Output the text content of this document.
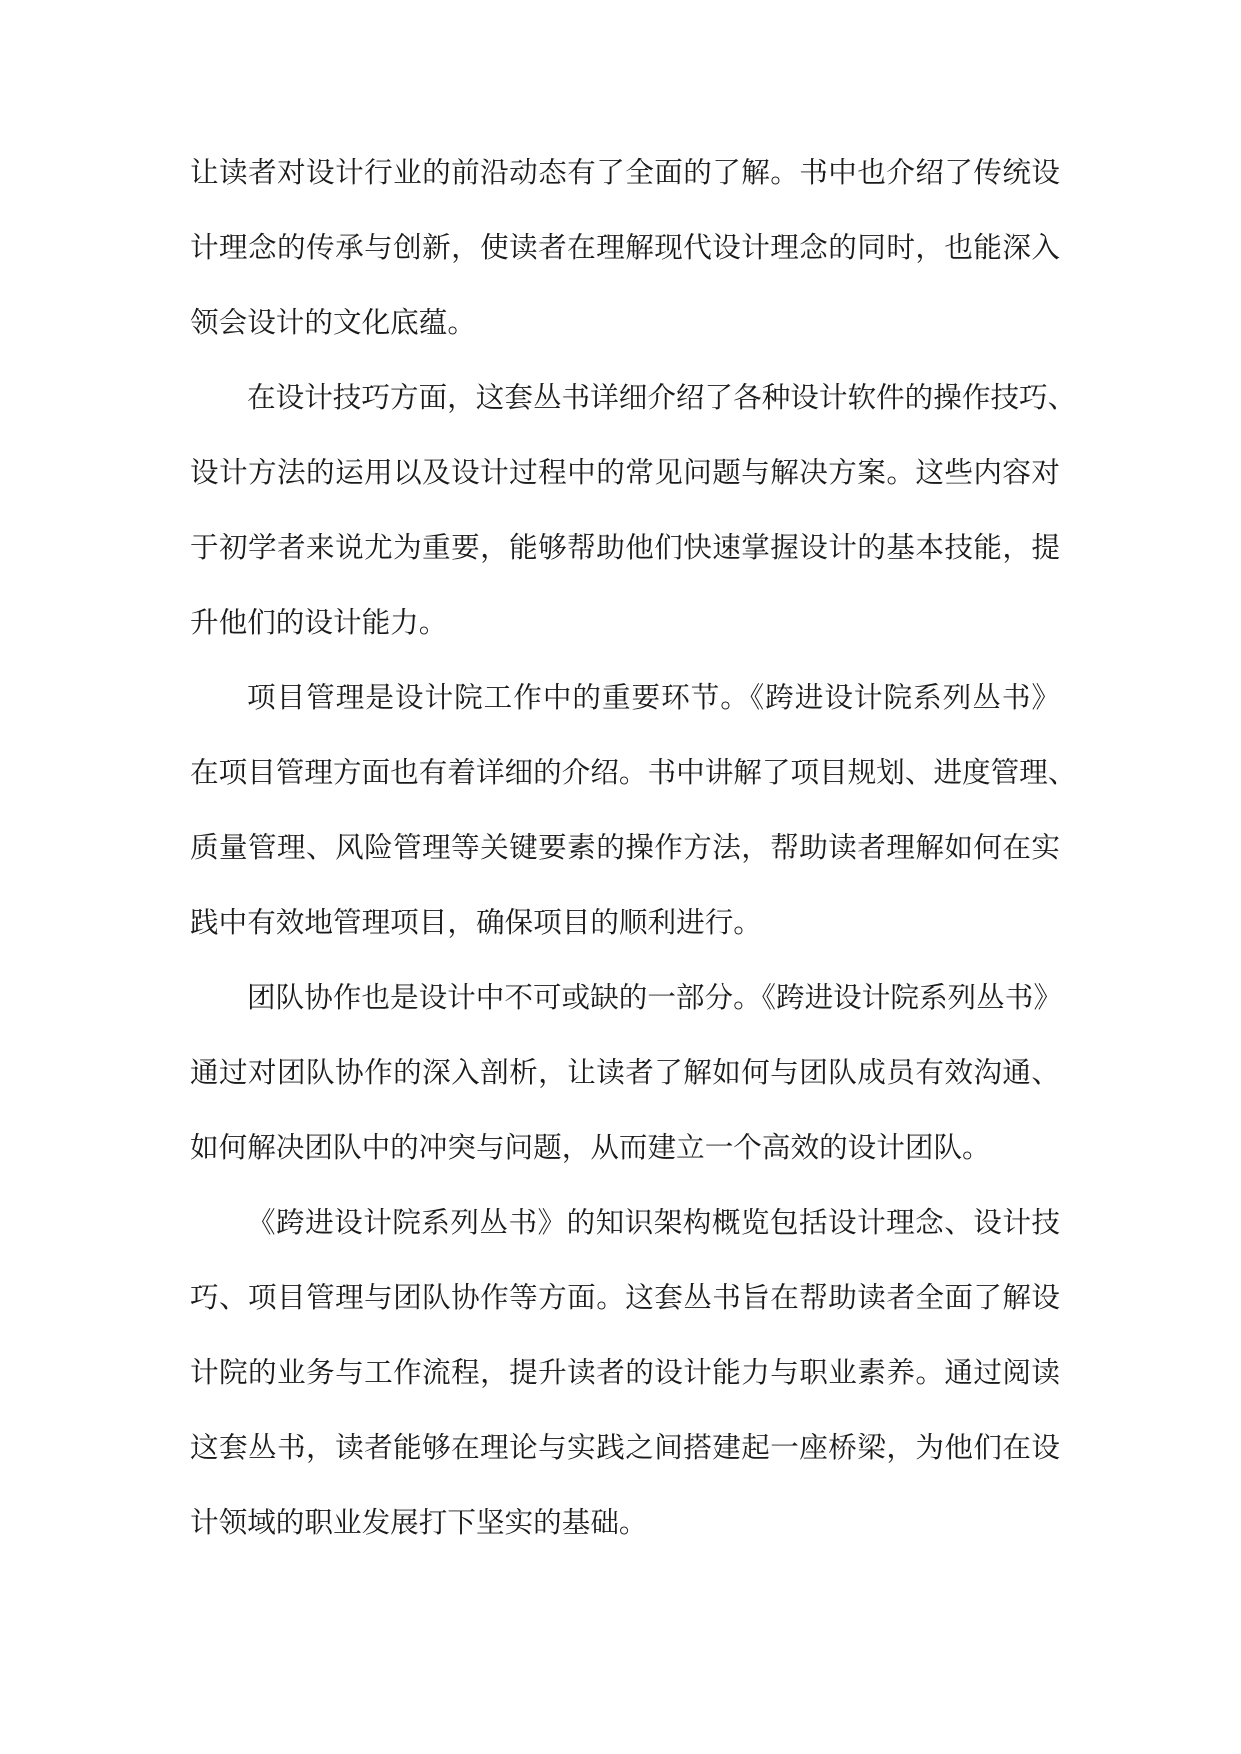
让读者对设计行业的前沿动态有了全面的了解。书中也介绍了传统设
计理念的传承与创新，使读者在理解现代设计理念的同时，也能深入
领会设计的文化底蕴。
在设计技巧方面，这套丛书详细介绍了各种设计软件的操作技巧、
设计方法的运用以及设计过程中的常见问题与解决方案。这些内容对
于初学者来说尤为重要，能够帮助他们快速掌握设计的基本技能，提
升他们的设计能力。
项目管理是设计院工作中的重要环节。《跨进设计院系列丛书》
在项目管理方面也有着详细的介绍。书中讲解了项目规划、进度管理、
质量管理、风险管理等关键要素的操作方法，帮助读者理解如何在实
践中有效地管理项目，确保项目的顺利进行。
团队协作也是设计中不可或缺的一部分。《跨进设计院系列丛书》
通过对团队协作的深入剖析，让读者了解如何与团队成员有效沟通、
如何解决团队中的冲突与问题，从而建立一个高效的设计团队。
《跨进设计院系列丛书》的知识架构概览包括设计理念、设计技
巧、项目管理与团队协作等方面。这套丛书旨在帮助读者全面了解设
计院的业务与工作流程，提升读者的设计能力与职业素养。通过阅读
这套丛书，读者能够在理论与实践之间搭建起一座桥梁，为他们在设
计领域的职业发展打下坚实的基础。
